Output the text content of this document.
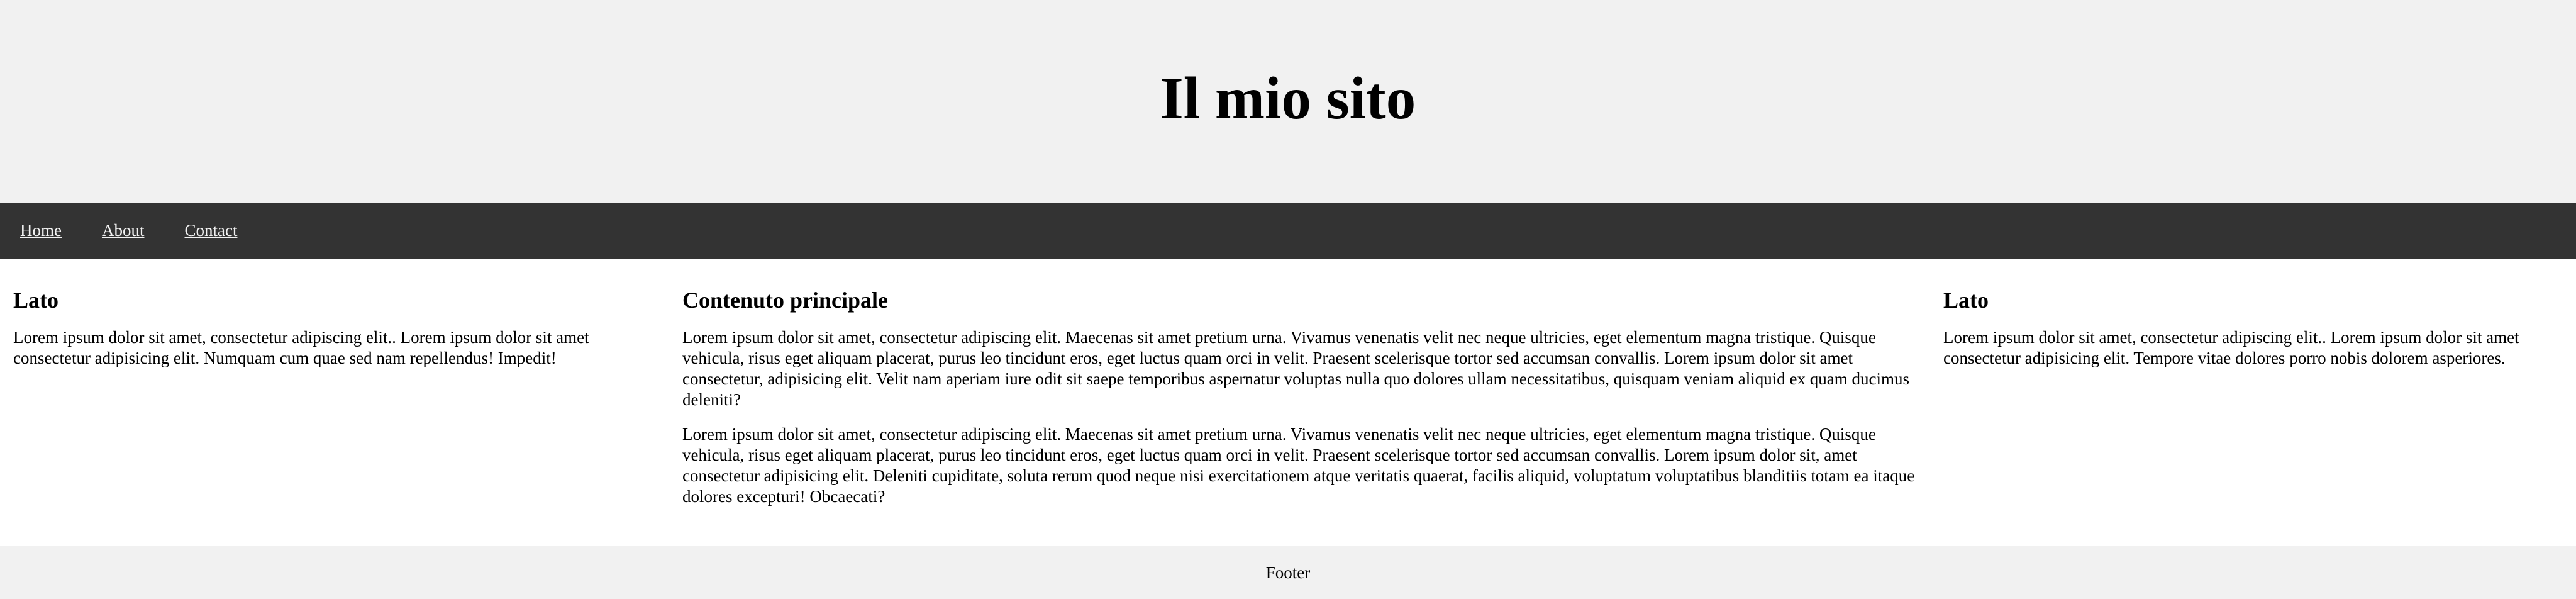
Il mio sito
Home	About	Contact
Lato

Lorem ipsum dolor sit amet, consectetur adipiscing elit.. Lorem ipsum dolor sit amet consectetur adipisicing elit. Numquam cum quae sed nam repellendus! Impedit!

Contenuto principale

Lorem ipsum dolor sit amet, consectetur adipiscing elit. Maecenas sit amet pretium urna. Vivamus venenatis velit nec neque ultricies, eget elementum magna tristique. Quisque vehicula, risus eget aliquam placerat, purus leo tincidunt eros, eget luctus quam orci in velit. Praesent scelerisque tortor sed accumsan convallis. Lorem ipsum dolor sit amet consectetur, adipisicing elit. Velit nam aperiam iure odit sit saepe temporibus aspernatur voluptas nulla quo dolores ullam necessitatibus, quisquam veniam aliquid ex quam ducimus deleniti?

Lorem ipsum dolor sit amet, consectetur adipiscing elit. Maecenas sit amet pretium urna. Vivamus venenatis velit nec neque ultricies, eget elementum magna tristique. Quisque vehicula, risus eget aliquam placerat, purus leo tincidunt eros, eget luctus quam orci in velit. Praesent scelerisque tortor sed accumsan convallis. Lorem ipsum dolor sit, amet consectetur adipisicing elit. Deleniti cupiditate, soluta rerum quod neque nisi exercitationem atque veritatis quaerat, facilis aliquid, voluptatum voluptatibus blanditiis totam ea itaque dolores excepturi! Obcaecati?

Lato

Lorem ipsum dolor sit amet, consectetur adipiscing elit.. Lorem ipsum dolor sit amet consectetur adipisicing elit. Tempore vitae dolores porro nobis dolorem asperiores.

Footer
